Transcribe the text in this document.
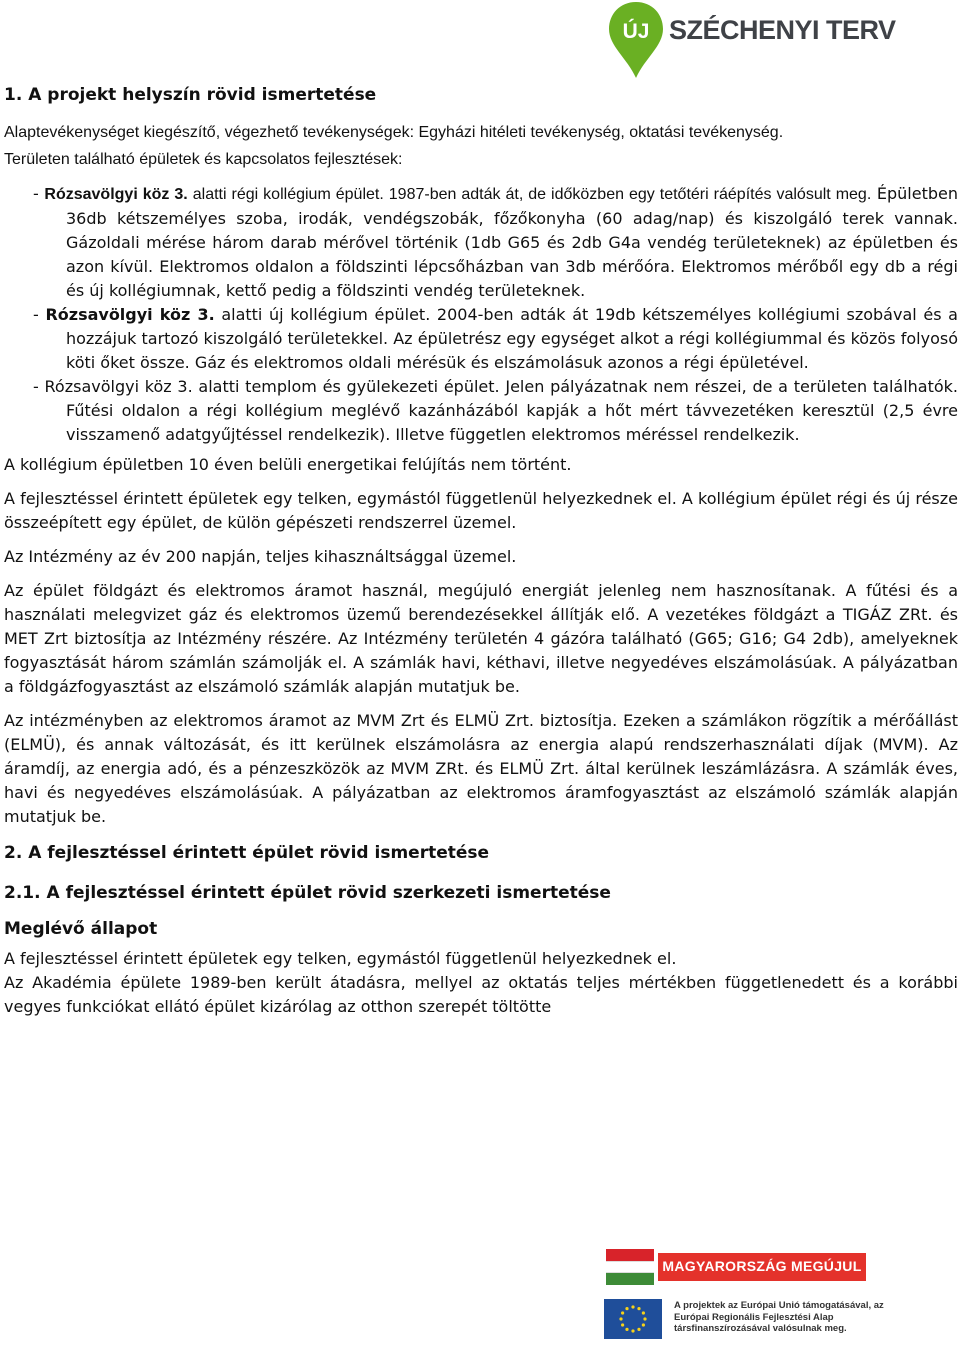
ÚJ SZÉCHENYI TERV
1. A projekt helyszín rövid ismertetése
Alaptevékenységet kiegészítő, végezhető tevékenységek: Egyházi hitéleti tevékenység, oktatási tevékenység.
Területen található épületek és kapcsolatos fejlesztések:
- Rózsavölgyi köz 3. alatti régi kollégium épület. 1987-ben adták át, de időközben egy tetőtéri ráépítés valósult meg. Épületben 36db kétszemélyes szoba, irodák, vendégszobák, főzőkonyha (60 adag/nap) és kiszolgáló terek vannak. Gázoldali mérése három darab mérővel történik (1db G65 és 2db G4a vendég területeknek) az épületben és azon kívül. Elektromos oldalon a földszinti lépcsőházban van 3db mérőóra. Elektromos mérőből egy db a régi és új kollégiumnak, kettő pedig a földszinti vendég területeknek.
- Rózsavölgyi köz 3. alatti új kollégium épület. 2004-ben adták át 19db kétszemélyes kollégiumi szobával és a hozzájuk tartozó kiszolgáló területekkel. Az épületrész egy egységet alkot a régi kollégiummal és közös folyosó köti őket össze. Gáz és elektromos oldali mérésük és elszámolásuk azonos a régi épületével.
- Rózsavölgyi köz 3. alatti templom és gyülekezeti épület. Jelen pályázatnak nem részei, de a területen találhatók. Fűtési oldalon a régi kollégium meglévő kazánházából kapják a hőt mért távvezetéken keresztül (2,5 évre visszamenő adatgyűjtéssel rendelkezik). Illetve független elektromos méréssel rendelkezik.
A kollégium épületben 10 éven belüli energetikai felújítás nem történt.
A fejlesztéssel érintett épületek egy telken, egymástól függetlenül helyezkednek el. A kollégium épület régi és új része összeépített egy épület, de külön gépészeti rendszerrel üzemel.
Az Intézmény az év 200 napján, teljes kihasználtsággal üzemel.
Az épület földgázt és elektromos áramot használ, megújuló energiát jelenleg nem hasznosítanak. A fűtési és a használati melegvizet gáz és elektromos üzemű berendezésekkel állítják elő. A vezetékes földgázt a TIGÁZ ZRt. és MET Zrt biztosítja az Intézmény részére. Az Intézmény területén 4 gázóra található (G65; G16; G4 2db), amelyeknek fogyasztását három számlán számolják el. A számlák havi, kéthavi, illetve negyedéves elszámolásúak. A pályázatban a földgázfogyasztást az elszámoló számlák alapján mutatjuk be.
Az intézményben az elektromos áramot az MVM Zrt és ELMÜ Zrt. biztosítja. Ezeken a számlákon rögzítik a mérőállást (ELMÜ), és annak változását, és itt kerülnek elszámolásra az energia alapú rendszerhasználati díjak (MVM). Az áramdíj, az energia adó, és a pénzeszközök az MVM ZRt. és ELMÜ Zrt. által kerülnek leszámlázásra. A számlák éves, havi és negyedéves elszámolásúak. A pályázatban az elektromos áramfogyasztást az elszámoló számlák alapján mutatjuk be.
2. A fejlesztéssel érintett épület rövid ismertetése
2.1. A fejlesztéssel érintett épület rövid szerkezeti ismertetése
Meglévő állapot
A fejlesztéssel érintett épületek egy telken, egymástól függetlenül helyezkednek el.
Az Akadémia épülete 1989-ben került átadásra, mellyel az oktatás teljes mértékben függetlenedett és a korábbi vegyes funkciókat ellátó épület kizárólag az otthon szerepét töltötte
MAGYARORSZÁG MEGÚJUL
A projektek az Európai Unió támogatásával, az Európai Regionális Fejlesztési Alap társfinanszírozásával valósulnak meg.
